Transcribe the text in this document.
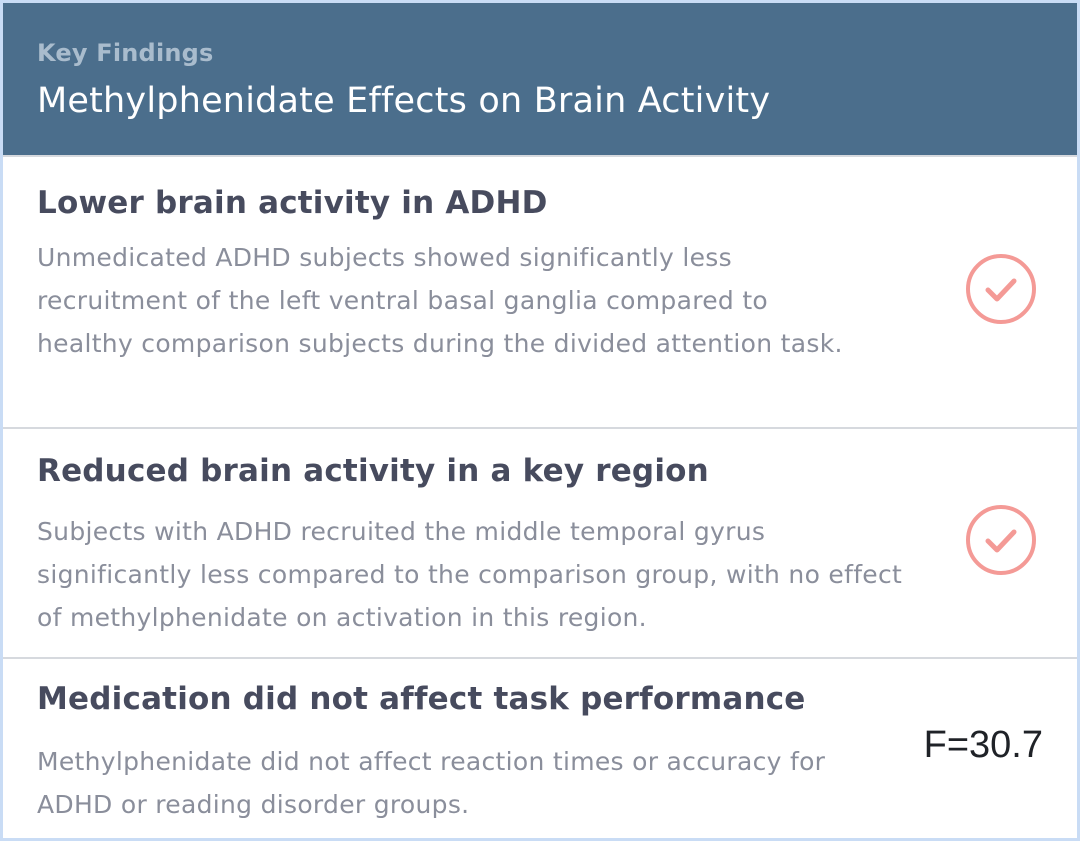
Key Findings
Methylphenidate Effects on Brain Activity
Lower brain activity in ADHD
Unmedicated ADHD subjects showed significantly less recruitment of the left ventral basal ganglia compared to healthy comparison subjects during the divided attention task.
Reduced brain activity in a key region
Subjects with ADHD recruited the middle temporal gyrus significantly less compared to the comparison group, with no effect of methylphenidate on activation in this region.
Medication did not affect task performance
Methylphenidate did not affect reaction times or accuracy for ADHD or reading disorder groups.
F=30.7
